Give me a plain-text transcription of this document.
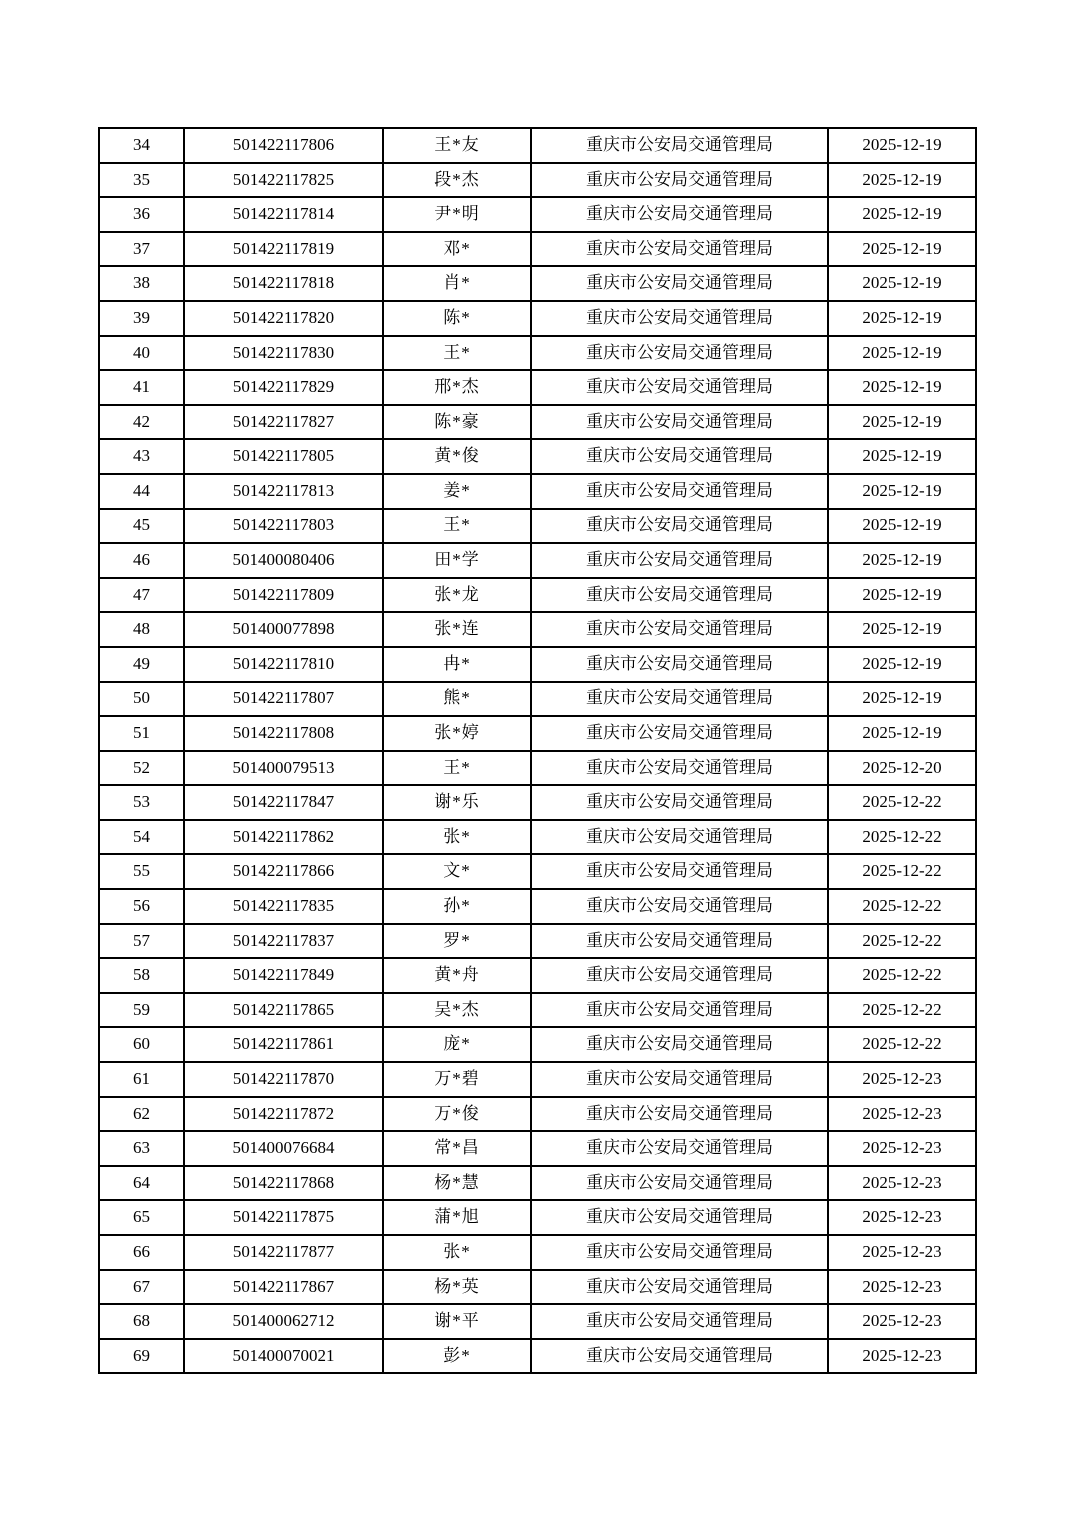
34	501422117806	王*友	重庆市公安局交通管理局	2025-12-19
35	501422117825	段*杰	重庆市公安局交通管理局	2025-12-19
36	501422117814	尹*明	重庆市公安局交通管理局	2025-12-19
37	501422117819	邓*	重庆市公安局交通管理局	2025-12-19
38	501422117818	肖*	重庆市公安局交通管理局	2025-12-19
39	501422117820	陈*	重庆市公安局交通管理局	2025-12-19
40	501422117830	王*	重庆市公安局交通管理局	2025-12-19
41	501422117829	邢*杰	重庆市公安局交通管理局	2025-12-19
42	501422117827	陈*豪	重庆市公安局交通管理局	2025-12-19
43	501422117805	黄*俊	重庆市公安局交通管理局	2025-12-19
44	501422117813	姜*	重庆市公安局交通管理局	2025-12-19
45	501422117803	王*	重庆市公安局交通管理局	2025-12-19
46	501400080406	田*学	重庆市公安局交通管理局	2025-12-19
47	501422117809	张*龙	重庆市公安局交通管理局	2025-12-19
48	501400077898	张*连	重庆市公安局交通管理局	2025-12-19
49	501422117810	冉*	重庆市公安局交通管理局	2025-12-19
50	501422117807	熊*	重庆市公安局交通管理局	2025-12-19
51	501422117808	张*婷	重庆市公安局交通管理局	2025-12-19
52	501400079513	王*	重庆市公安局交通管理局	2025-12-20
53	501422117847	谢*乐	重庆市公安局交通管理局	2025-12-22
54	501422117862	张*	重庆市公安局交通管理局	2025-12-22
55	501422117866	文*	重庆市公安局交通管理局	2025-12-22
56	501422117835	孙*	重庆市公安局交通管理局	2025-12-22
57	501422117837	罗*	重庆市公安局交通管理局	2025-12-22
58	501422117849	黄*舟	重庆市公安局交通管理局	2025-12-22
59	501422117865	吴*杰	重庆市公安局交通管理局	2025-12-22
60	501422117861	庞*	重庆市公安局交通管理局	2025-12-22
61	501422117870	万*碧	重庆市公安局交通管理局	2025-12-23
62	501422117872	万*俊	重庆市公安局交通管理局	2025-12-23
63	501400076684	常*昌	重庆市公安局交通管理局	2025-12-23
64	501422117868	杨*慧	重庆市公安局交通管理局	2025-12-23
65	501422117875	蒲*旭	重庆市公安局交通管理局	2025-12-23
66	501422117877	张*	重庆市公安局交通管理局	2025-12-23
67	501422117867	杨*英	重庆市公安局交通管理局	2025-12-23
68	501400062712	谢*平	重庆市公安局交通管理局	2025-12-23
69	501400070021	彭*	重庆市公安局交通管理局	2025-12-23
